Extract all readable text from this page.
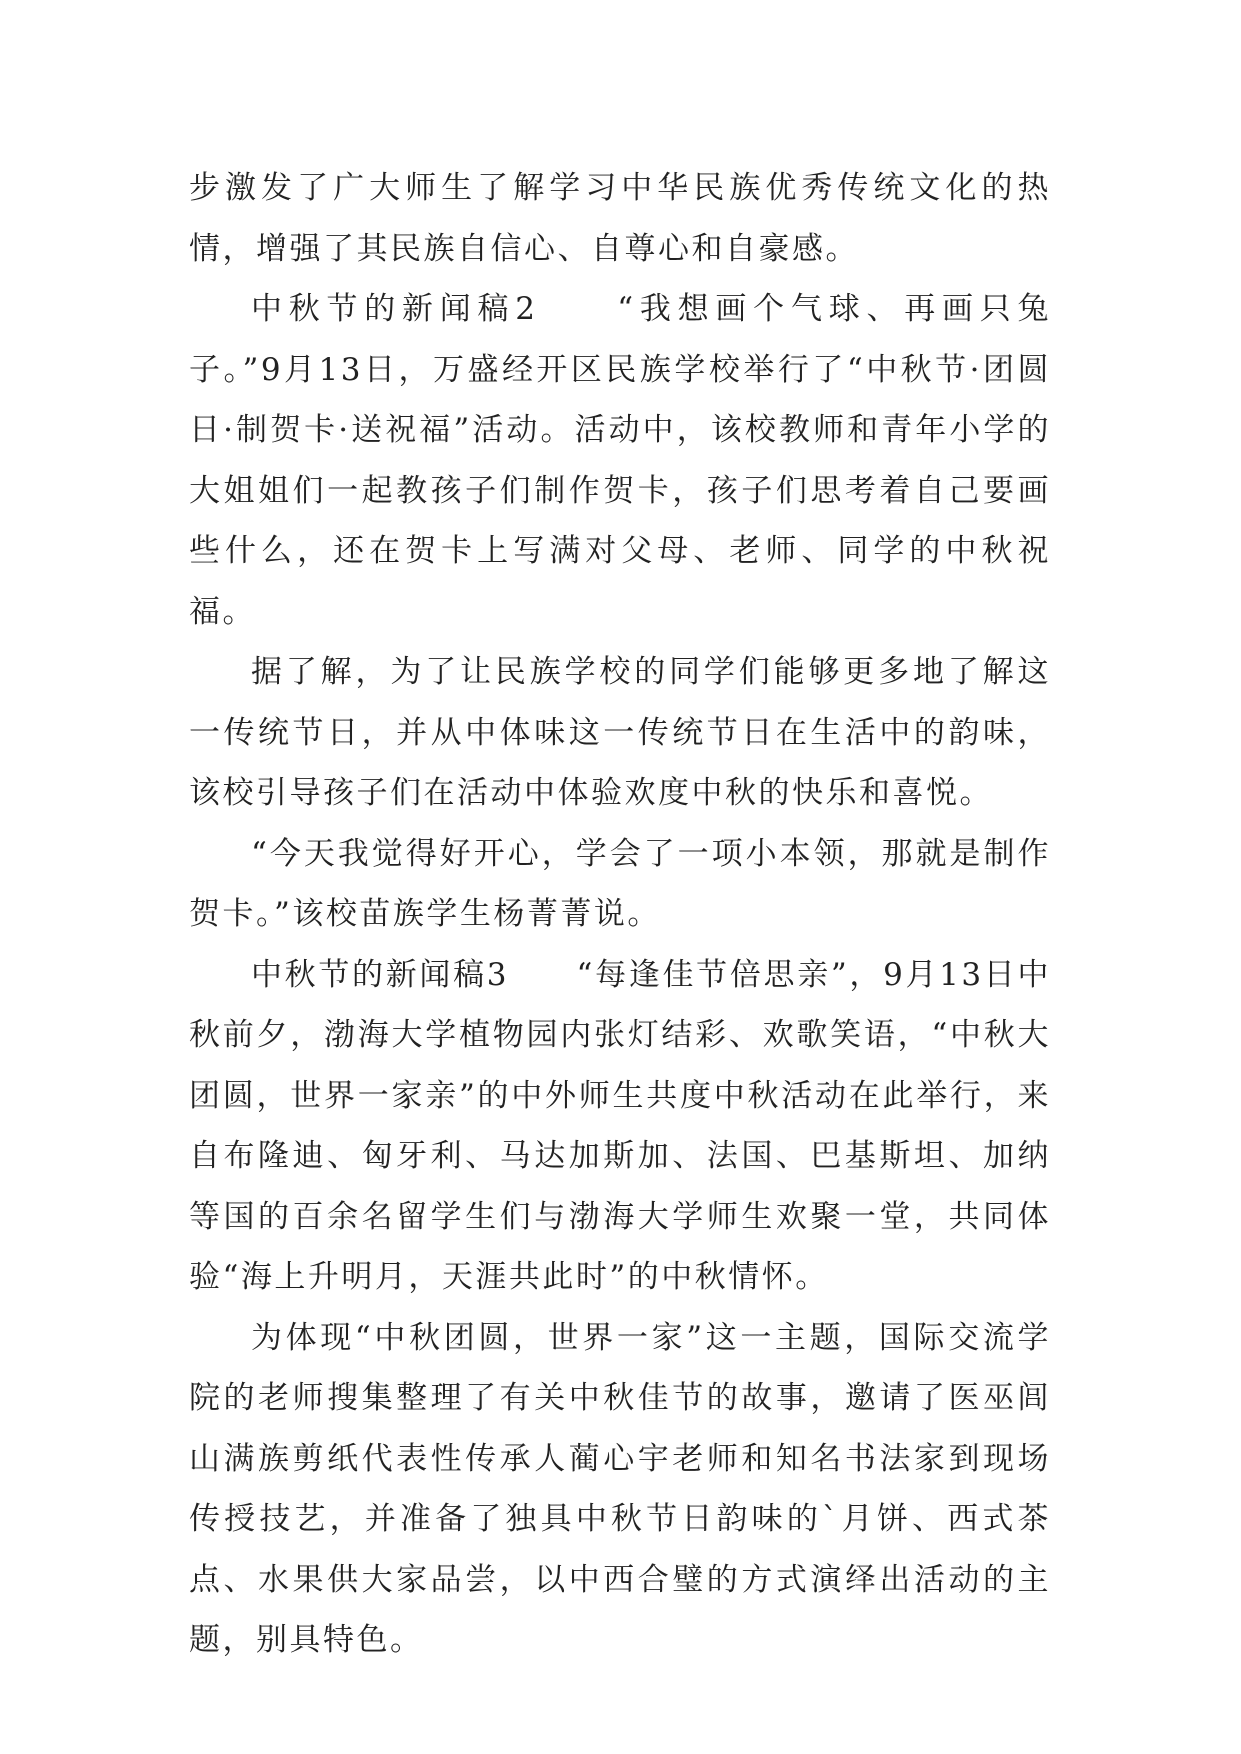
步激发了广大师生了解学习中华民族优秀传统文化的热情，增强了其民族自信心、自尊心和自豪感。

中秋节的新闻稿2　　“我想画个气球、再画只兔子。”9月13日，万盛经开区民族学校举行了“中秋节·团圆日·制贺卡·送祝福”活动。活动中，该校教师和青年小学的大姐姐们一起教孩子们制作贺卡，孩子们思考着自己要画些什么，还在贺卡上写满对父母、老师、同学的中秋祝福。

据了解，为了让民族学校的同学们能够更多地了解这一传统节日，并从中体味这一传统节日在生活中的韵味，该校引导孩子们在活动中体验欢度中秋的快乐和喜悦。

“今天我觉得好开心，学会了一项小本领，那就是制作贺卡。”该校苗族学生杨菁菁说。

中秋节的新闻稿3　　“每逢佳节倍思亲”，9月13日中秋前夕，渤海大学植物园内张灯结彩、欢歌笑语，“中秋大团圆，世界一家亲”的中外师生共度中秋活动在此举行，来自布隆迪、匈牙利、马达加斯加、法国、巴基斯坦、加纳等国的百余名留学生们与渤海大学师生欢聚一堂，共同体验“海上升明月，天涯共此时”的中秋情怀。

为体现“中秋团圆，世界一家”这一主题，国际交流学院的老师搜集整理了有关中秋佳节的故事，邀请了医巫闾山满族剪纸代表性传承人蔺心宇老师和知名书法家到现场传授技艺，并准备了独具中秋节日韵味的`月饼、西式茶点、水果供大家品尝，以中西合璧的方式演绎出活动的主题，别具特色。
